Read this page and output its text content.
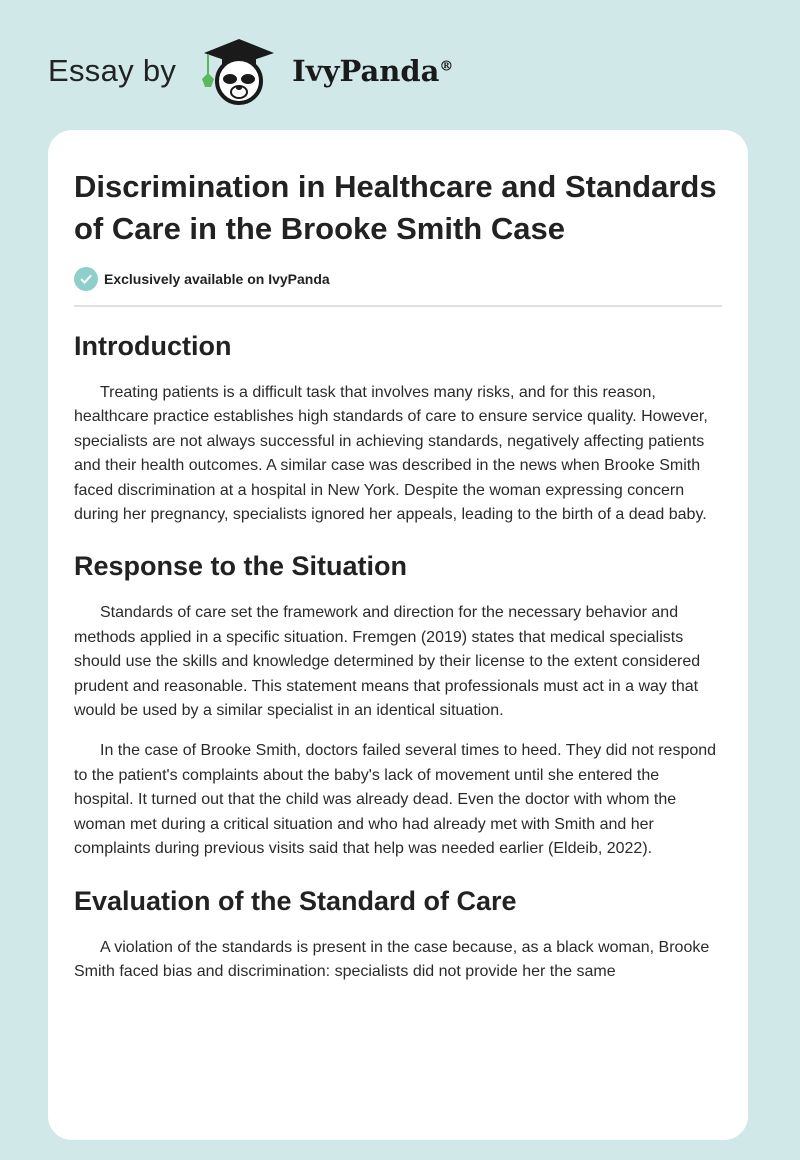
Essay by	IvyPanda®
Discrimination in Healthcare and Standards of Care in the Brooke Smith Case
Exclusively available on IvyPanda
Introduction

Treating patients is a difficult task that involves many risks, and for this reason, healthcare practice establishes high standards of care to ensure service quality. However, specialists are not always successful in achieving standards, negatively affecting patients and their health outcomes. A similar case was described in the news when Brooke Smith faced discrimination at a hospital in New York. Despite the woman expressing concern during her pregnancy, specialists ignored her appeals, leading to the birth of a dead baby.

Response to the Situation

Standards of care set the framework and direction for the necessary behavior and methods applied in a specific situation. Fremgen (2019) states that medical specialists should use the skills and knowledge determined by their license to the extent considered prudent and reasonable. This statement means that professionals must act in a way that would be used by a similar specialist in an identical situation.

In the case of Brooke Smith, doctors failed several times to heed. They did not respond to the patient's complaints about the baby's lack of movement until she entered the hospital. It turned out that the child was already dead. Even the doctor with whom the woman met during a critical situation and who had already met with Smith and her complaints during previous visits said that help was needed earlier (Eldeib, 2022).

Evaluation of the Standard of Care

A violation of the standards is present in the case because, as a black woman, Brooke Smith faced bias and discrimination: specialists did not provide her the same
